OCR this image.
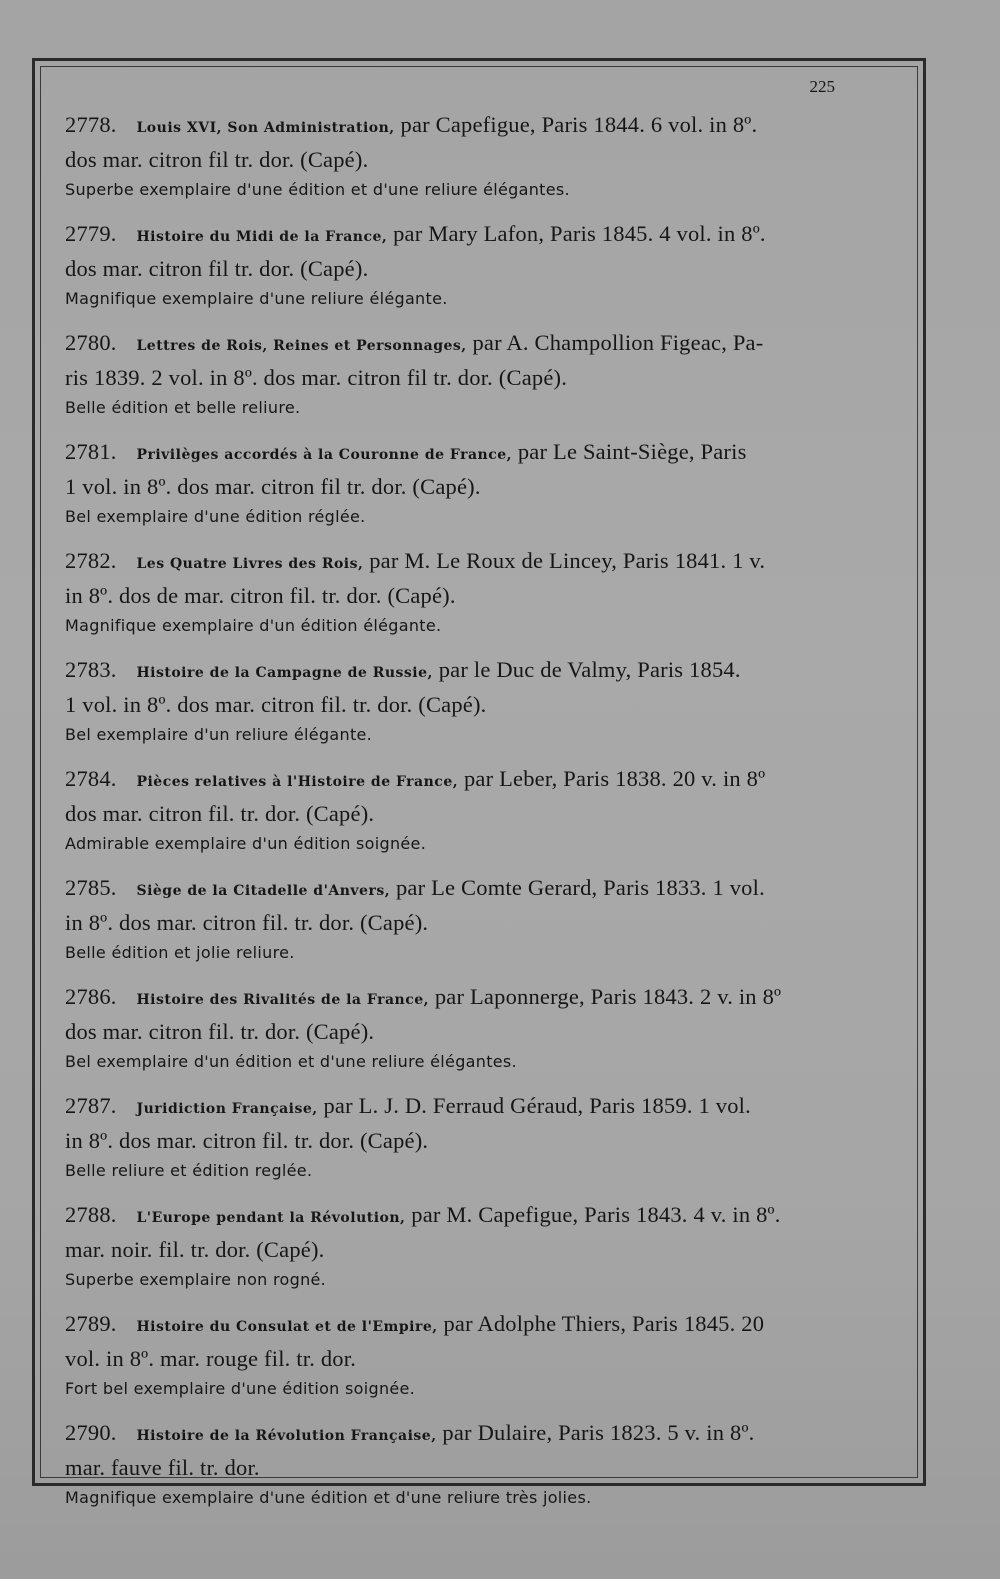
225
2778. Louis XVI, Son Administration, par Capefigue, Paris 1844. 6 vol. in 8º.
dos mar. citron fil tr. dor. (Capé).
Superbe exemplaire d'une édition et d'une reliure élégantes.
2779. Histoire du Midi de la France, par Mary Lafon, Paris 1845. 4 vol. in 8º.
dos mar. citron fil tr. dor. (Capé).
Magnifique exemplaire d'une reliure élégante.
2780. Lettres de Rois, Reines et Personnages, par A. Champollion Figeac, Pa-
ris 1839. 2 vol. in 8º. dos mar. citron fil tr. dor. (Capé).
Belle édition et belle reliure.
2781. Privilèges accordés à la Couronne de France, par Le Saint-Siège, Paris
1 vol. in 8º. dos mar. citron fil tr. dor. (Capé).
Bel exemplaire d'une édition réglée.
2782. Les Quatre Livres des Rois, par M. Le Roux de Lincey, Paris 1841. 1 v.
in 8º. dos de mar. citron fil. tr. dor. (Capé).
Magnifique exemplaire d'un édition élégante.
2783. Histoire de la Campagne de Russie, par le Duc de Valmy, Paris 1854.
1 vol. in 8º. dos mar. citron fil. tr. dor. (Capé).
Bel exemplaire d'un reliure élégante.
2784. Pièces relatives à l'Histoire de France, par Leber, Paris 1838. 20 v. in 8º
dos mar. citron fil. tr. dor. (Capé).
Admirable exemplaire d'un édition soignée.
2785. Siège de la Citadelle d'Anvers, par Le Comte Gerard, Paris 1833. 1 vol.
in 8º. dos mar. citron fil. tr. dor. (Capé).
Belle édition et jolie reliure.
2786. Histoire des Rivalités de la France, par Laponnerge, Paris 1843. 2 v. in 8º
dos mar. citron fil. tr. dor. (Capé).
Bel exemplaire d'un édition et d'une reliure élégantes.
2787. Juridiction Française, par L. J. D. Ferraud Géraud, Paris 1859. 1 vol.
in 8º. dos mar. citron fil. tr. dor. (Capé).
Belle reliure et édition reglée.
2788. L'Europe pendant la Révolution, par M. Capefigue, Paris 1843. 4 v. in 8º.
mar. noir. fil. tr. dor. (Capé).
Superbe exemplaire non rogné.
2789. Histoire du Consulat et de l'Empire, par Adolphe Thiers, Paris 1845. 20
vol. in 8º. mar. rouge fil. tr. dor.
Fort bel exemplaire d'une édition soignée.
2790. Histoire de la Révolution Française, par Dulaire, Paris 1823. 5 v. in 8º.
mar. fauve fil. tr. dor.
Magnifique exemplaire d'une édition et d'une reliure très jolies.
